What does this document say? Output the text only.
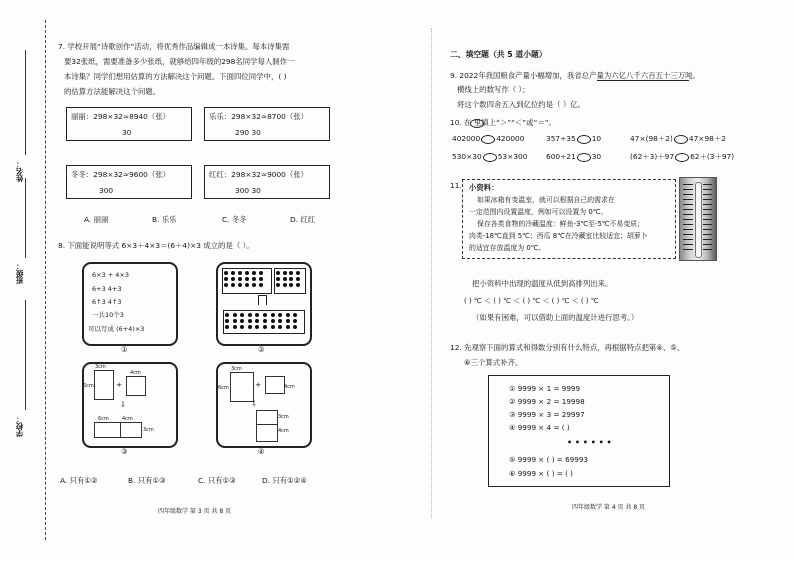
姓名：
班级：
学校：
7. 学校开展“诗歌创作”活动，将优秀作品编辑成一本诗集。每本诗集需
要32张纸，需要准备多少张纸，就够给四年级的298名同学每人制作一
本诗集？同学们想用估算的方法解决这个问题。下面四位同学中，( )
的估算方法能解决这个问题。
丽丽：298×32≈8940（张）
30
乐乐：298×32≈8700（张）
290 30
冬冬：298×32≈9600（张）
300
红红：298×32≈9000（张）
300 30
A. 丽丽	B. 乐乐	C. 冬冬	D. 红红
8. 下面能说明等式 6×3＋4×3＝(6＋4)×3 成立的是（ ）。
6×3 + 4×3
6+3 4+3
6↑3 4↑3
一共10个3
可以写成 (6+4)×3
①	②
3cm
6cm	+
4cm
⇩
6cm	4cm
3cm
③
3cm
6cm	+	4cm
⇩
3cm
4cm
④
A. 只有①②	B. 只有①③	C. 只有①③	D. 只有①②④
四年级数学 第 3 页 共 8 页
二、填空题（共 5 道小题）
9. 2022年我国粮食产量小幅增加，我省总产量为六亿八千六百五十三万吨。
横线上的数写作（ ）；
将这个数四舍五入到亿位约是（ ）亿。
10. 在 里填上“＞”“＜”或“＝”。
402000 420000	357÷35 10	47×(98＋2) 47×98＋2
530×30 53×300	600÷21 30	(62＋3)＋97 62＋(3＋97)
11. 小资料：
如果冰箱有变温室，就可以根据自己的需求在
一定范围内设置温度，例如可以设置为 0℃。
保存各类食物的冷藏温度：鲜鱼-3℃至-5℃不易变质；
肉类-18℃直到 5℃；西瓜 8℃在冷藏室比较适宜；胡萝卜
的适宜存放温度为 0℃。
把小资料中出现的温度从低到高排列出来。
( ) ℃ ＜ ( ) ℃ ＜ ( ) ℃ ＜ ( ) ℃ ＜ ( ) ℃
（如果有困难，可以借助上面的温度计进行思考。）
12. 先观察下面的算式和得数分别有什么特点，再根据特点把第④、⑤、
⑥三个算式补齐。
① 9999 × 1 = 9999
② 9999 × 2 = 19998
③ 9999 × 3 = 29997
④ 9999 × 4 = ( )
• • • • • •
⑤ 9999 × ( ) = 69993
⑥ 9999 × ( ) = ( )
四年级数学 第 4 页 共 8 页
